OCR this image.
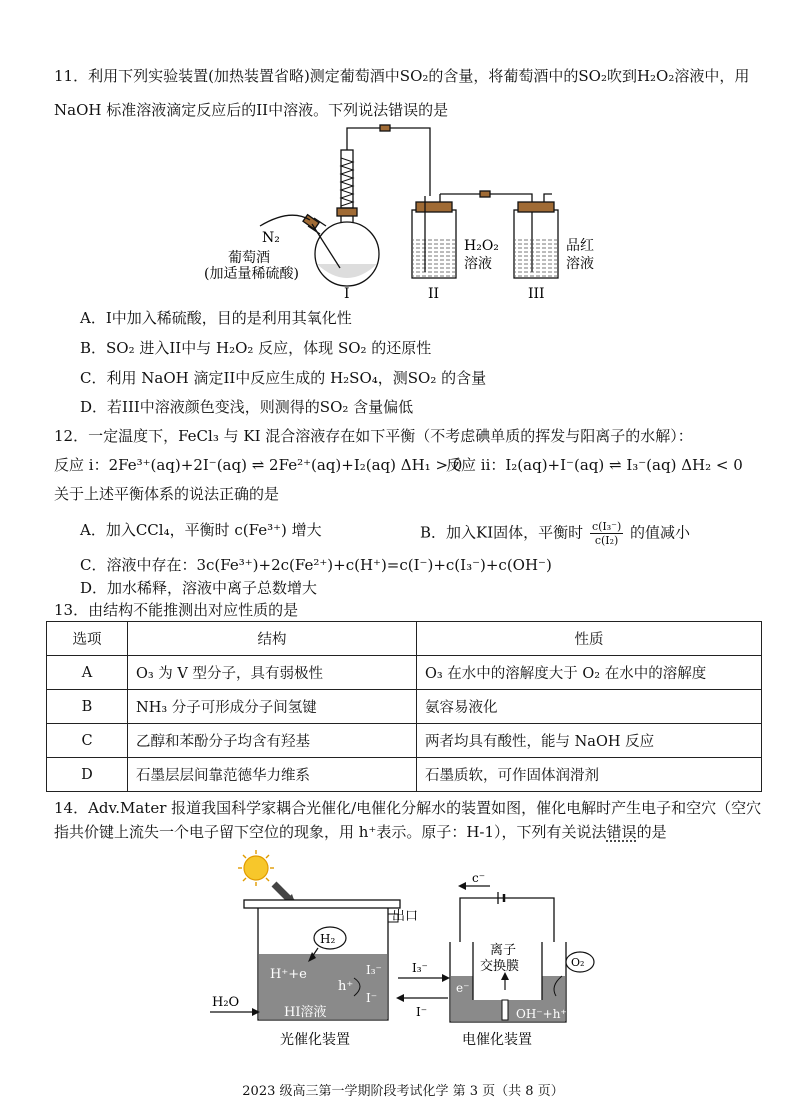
11．利用下列实验装置(加热装置省略)测定葡萄酒中SO₂的含量，将葡萄酒中的SO₂吹到H₂O₂溶液中，用
NaOH 标准溶液滴定反应后的II中溶液。下列说法错误的是
N₂
葡萄酒
(加适量稀硫酸)
H₂O₂
溶液
品红
溶液
I	II	III
A．I中加入稀硫酸，目的是利用其氧化性
B．SO₂ 进入II中与 H₂O₂ 反应，体现 SO₂ 的还原性
C．利用 NaOH 滴定II中反应生成的 H₂SO₄，测SO₂ 的含量
D．若III中溶液颜色变浅，则测得的SO₂ 含量偏低
12．一定温度下，FeCl₃ 与 KI 混合溶液存在如下平衡（不考虑碘单质的挥发与阳离子的水解）：
反应 i：2Fe³⁺(aq)+2I⁻(aq) ⇌ 2Fe²⁺(aq)+I₂(aq) ΔH₁ > 0
反应 ii：I₂(aq)+I⁻(aq) ⇌ I₃⁻(aq) ΔH₂ < 0
关于上述平衡体系的说法正确的是
A．加入CCl₄，平衡时 c(Fe³⁺) 增大	B．加入KI固体，平衡时 $\frac{\text{c(I₃⁻)}}{\text{c(I₂)}}$ 的值减小
C．溶液中存在：3c(Fe³⁺)+2c(Fe²⁺)+c(H⁺)=c(I⁻)+c(I₃⁻)+c(OH⁻)
D．加水稀释，溶液中离子总数增大
13．由结构不能推测出对应性质的是
选项	结构	性质
A	O₃ 为 V 型分子，具有弱极性	O₃ 在水中的溶解度大于 O₂ 在水中的溶解度
B	NH₃ 分子可形成分子间氢键	氨容易液化
C	乙醇和苯酚分子均含有羟基	两者均具有酸性，能与 NaOH 反应
D	石墨层层间靠范德华力维系	石墨质软，可作固体润滑剂
14．Adv.Mater 报道我国科学家耦合光催化/电催化分解水的装置如图，催化电解时产生电子和空穴（空穴
指共价键上流失一个电子留下空位的现象，用 h⁺表示。原子：H-1），下列有关说法错误的是
H₂
H⁺+e
h⁺
I₃⁻
I⁻
HI溶液
H₂O
出口
I₃⁻
I⁻
c⁻
e⁻
离子
交换膜	O₂
OH⁻+h⁺
光催化装置	电催化装置
2023 级高三第一学期阶段考试化学 第 3 页（共 8 页）
